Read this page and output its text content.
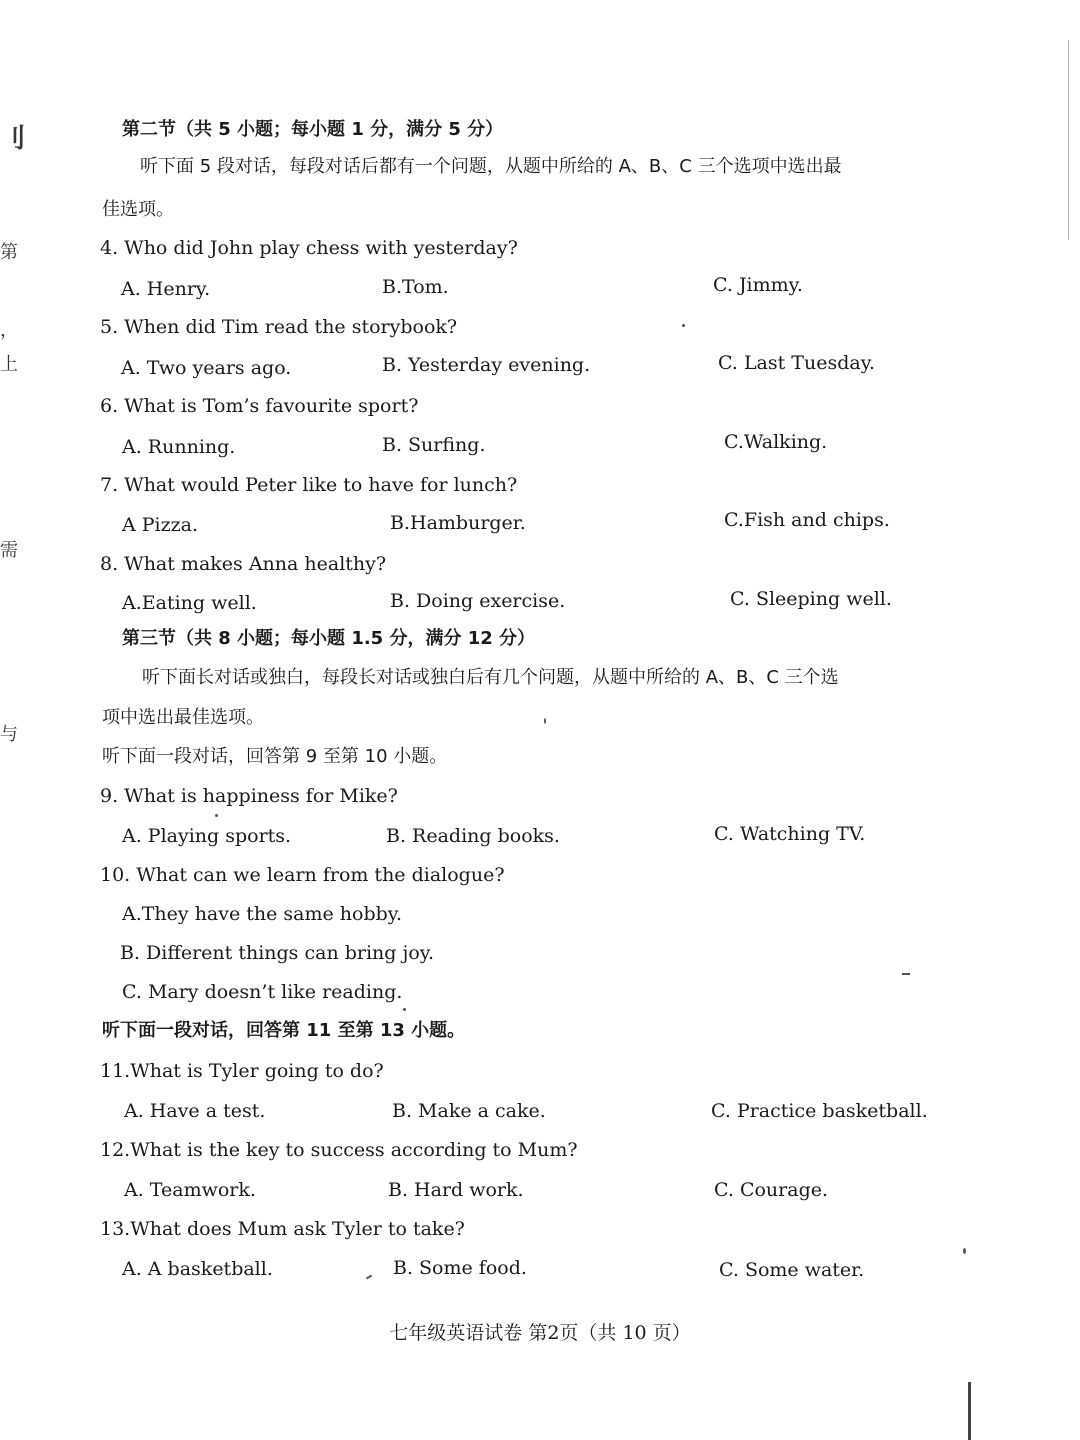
刂
第
，
上
需
与
第二节（共 5 小题；每小题 1 分，满分 5 分）
听下面 5 段对话，每段对话后都有一个问题，从题中所给的 A、B、C 三个选项中选出最
佳选项。
4. Who did John play chess with yesterday?
A. Henry.	B.Tom.	C. Jimmy.
5. When did Tim read the storybook?
A. Two years ago.	B. Yesterday evening.	C. Last Tuesday.
6. What is Tom’s favourite sport?
A. Running.	B. Surfing.	C.Walking.
7. What would Peter like to have for lunch?
A Pizza.	B.Hamburger.	C.Fish and chips.
8. What makes Anna healthy?
A.Eating well.	B. Doing exercise.	C. Sleeping well.
第三节（共 8 小题；每小题 1.5 分，满分 12 分）
听下面长对话或独白，每段长对话或独白后有几个问题，从题中所给的 A、B、C 三个选
项中选出最佳选项。
听下面一段对话，回答第 9 至第 10 小题。
9. What is happiness for Mike?
A. Playing sports.	B. Reading books.	C. Watching TV.
10. What can we learn from the dialogue?
A.They have the same hobby.
B. Different things can bring joy.
C. Mary doesn’t like reading.
听下面一段对话，回答第 11 至第 13 小题。
11.What is Tyler going to do?
A. Have a test.	B. Make a cake.	C. Practice basketball.
12.What is the key to success according to Mum?
A. Teamwork.	B. Hard work.	C. Courage.
13.What does Mum ask Tyler to take?
A. A basketball.	B. Some food.	C. Some water.
七年级英语试卷 第2页（共 10 页）
